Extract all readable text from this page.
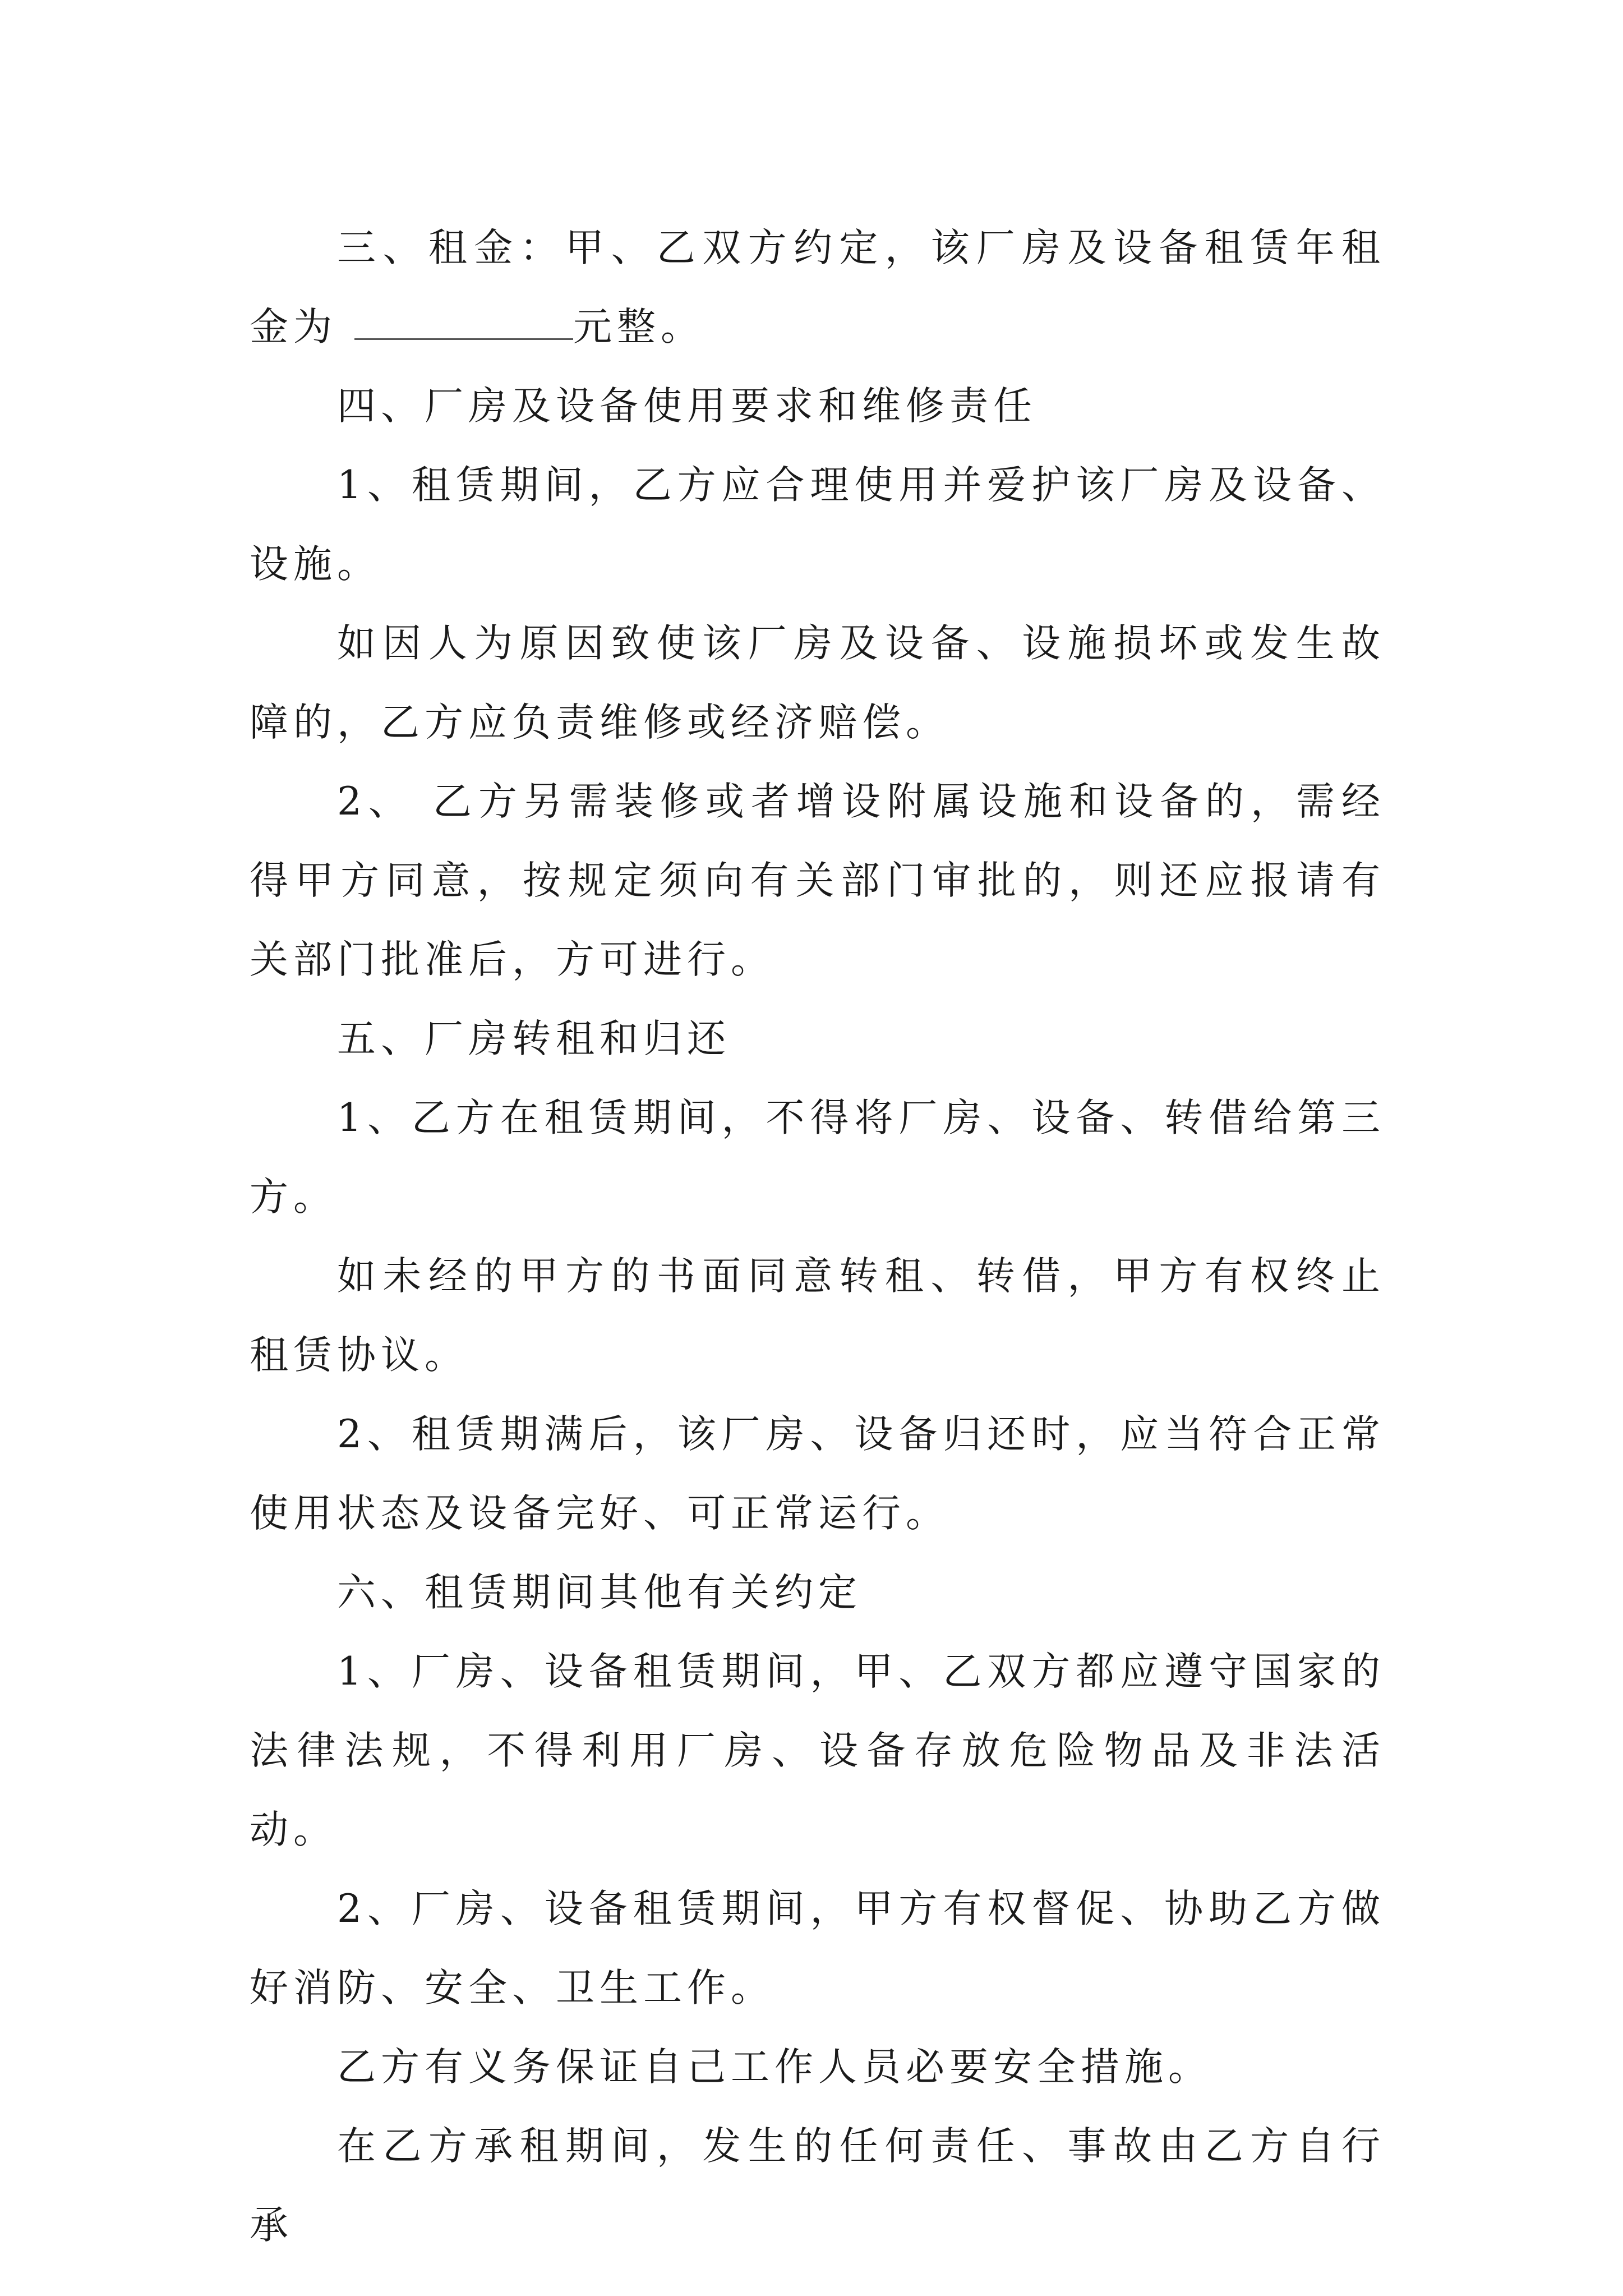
三、租金：甲、乙双方约定，该厂房及设备租赁年租金为	元整。

四、厂房及设备使用要求和维修责任

1、租赁期间，乙方应合理使用并爱护该厂房及设备、设施。

如因人为原因致使该厂房及设备、设施损坏或发生故障的，乙方应负责维修或经济赔偿。

2、 乙方另需装修或者增设附属设施和设备的，需经得甲方同意，按规定须向有关部门审批的，则还应报请有关部门批准后，方可进行。

五、厂房转租和归还

1、乙方在租赁期间，不得将厂房、设备、转借给第三方。

如未经的甲方的书面同意转租、转借，甲方有权终止租赁协议。

2、租赁期满后，该厂房、设备归还时，应当符合正常使用状态及设备完好、可正常运行。

六、租赁期间其他有关约定

1、厂房、设备租赁期间，甲、乙双方都应遵守国家的法律法规，不得利用厂房、设备存放危险物品及非法活动。

2、厂房、设备租赁期间，甲方有权督促、协助乙方做好消防、安全、卫生工作。

乙方有义务保证自己工作人员必要安全措施。

在乙方承租期间，发生的任何责任、事故由乙方自行承
